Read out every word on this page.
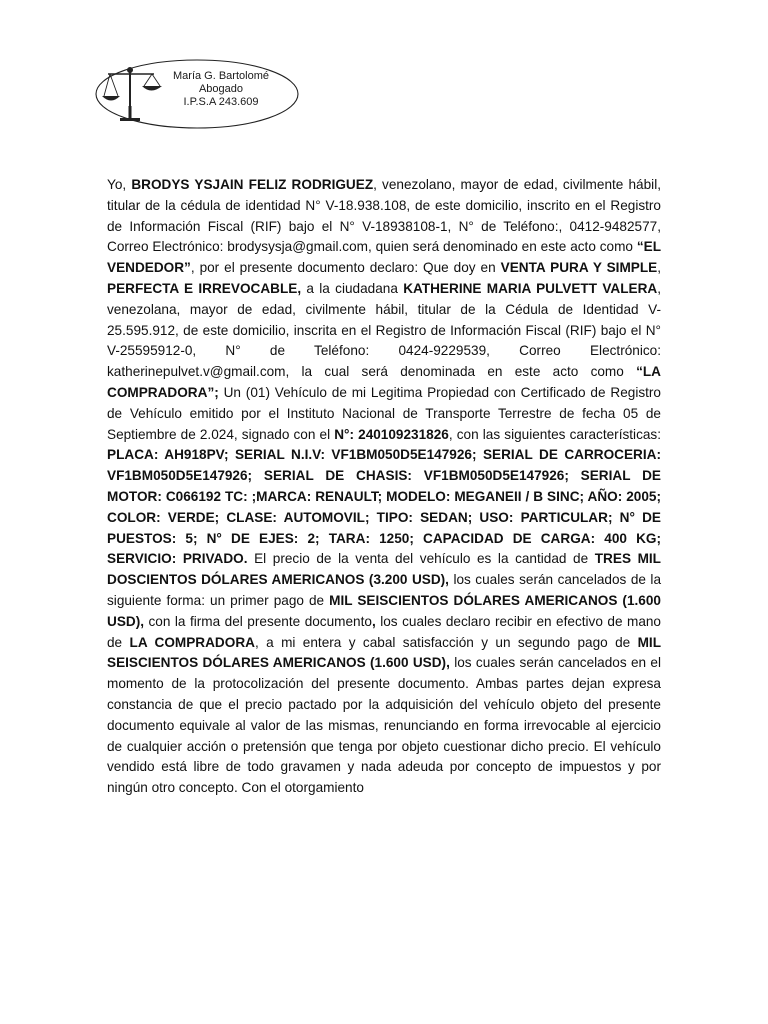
María G. Bartolomé
Abogado
I.P.S.A 243.609
Yo, BRODYS YSJAIN FELIZ RODRIGUEZ, venezolano, mayor de edad, civilmente hábil, titular de la cédula de identidad N° V-18.938.108, de este domicilio, inscrito en el Registro de Información Fiscal (RIF) bajo el N° V-18938108-1, N° de Teléfono:, 0412-9482577, Correo Electrónico: brodysysja@gmail.com, quien será denominado en este acto como “EL VENDEDOR”, por el presente documento declaro: Que doy en VENTA PURA Y SIMPLE, PERFECTA E IRREVOCABLE, a la ciudadana KATHERINE MARIA PULVETT VALERA, venezolana, mayor de edad, civilmente hábil, titular de la Cédula de Identidad V-25.595.912, de este domicilio, inscrita en el Registro de Información Fiscal (RIF) bajo el N° V-25595912-0, N° de Teléfono: 0424-9229539, Correo Electrónico: katherinepulvet.v@gmail.com, la cual será denominada en este acto como “LA COMPRADORA”; Un (01) Vehículo de mi Legitima Propiedad con Certificado de Registro de Vehículo emitido por el Instituto Nacional de Transporte Terrestre de fecha 05 de Septiembre de 2.024, signado con el N°: 240109231826, con las siguientes características: PLACA: AH918PV; SERIAL N.I.V: VF1BM050D5E147926; SERIAL DE CARROCERIA: VF1BM050D5E147926; SERIAL DE CHASIS: VF1BM050D5E147926; SERIAL DE MOTOR: C066192 TC: ;MARCA: RENAULT; MODELO: MEGANEII / B SINC; AÑO: 2005; COLOR: VERDE; CLASE: AUTOMOVIL; TIPO: SEDAN; USO: PARTICULAR; N° DE PUESTOS: 5; N° DE EJES: 2; TARA: 1250; CAPACIDAD DE CARGA: 400 KG; SERVICIO: PRIVADO. El precio de la venta del vehículo es la cantidad de TRES MIL DOSCIENTOS DÓLARES AMERICANOS (3.200 USD), los cuales serán cancelados de la siguiente forma: un primer pago de MIL SEISCIENTOS DÓLARES AMERICANOS (1.600 USD), con la firma del presente documento, los cuales declaro recibir en efectivo de mano de LA COMPRADORA, a mi entera y cabal satisfacción y un segundo pago de MIL SEISCIENTOS DÓLARES AMERICANOS (1.600 USD), los cuales serán cancelados en el momento de la protocolización del presente documento. Ambas partes dejan expresa constancia de que el precio pactado por la adquisición del vehículo objeto del presente documento equivale al valor de las mismas, renunciando en forma irrevocable al ejercicio de cualquier acción o pretensión que tenga por objeto cuestionar dicho precio. El vehículo vendido está libre de todo gravamen y nada adeuda por concepto de impuestos y por ningún otro concepto. Con el otorgamiento
